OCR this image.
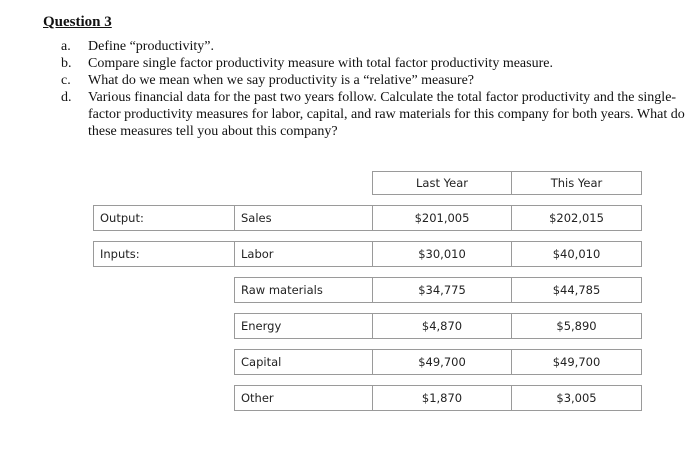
Question 3
a.	Define “productivity”.
b.	Compare single factor productivity measure with total factor productivity measure.
c.	What do we mean when we say productivity is a “relative” measure?
d.	Various financial data for the past two years follow. Calculate the total factor productivity and the single-factor productivity measures for labor, capital, and raw materials for this company for both years. What do these measures tell you about this company?
		Last Year	This Year

Output:	Sales	$201,005	$202,015

Inputs:	Labor	$30,010	$40,010

	Raw materials	$34,775	$44,785

	Energy	$4,870	$5,890

	Capital	$49,700	$49,700

	Other	$1,870	$3,005
